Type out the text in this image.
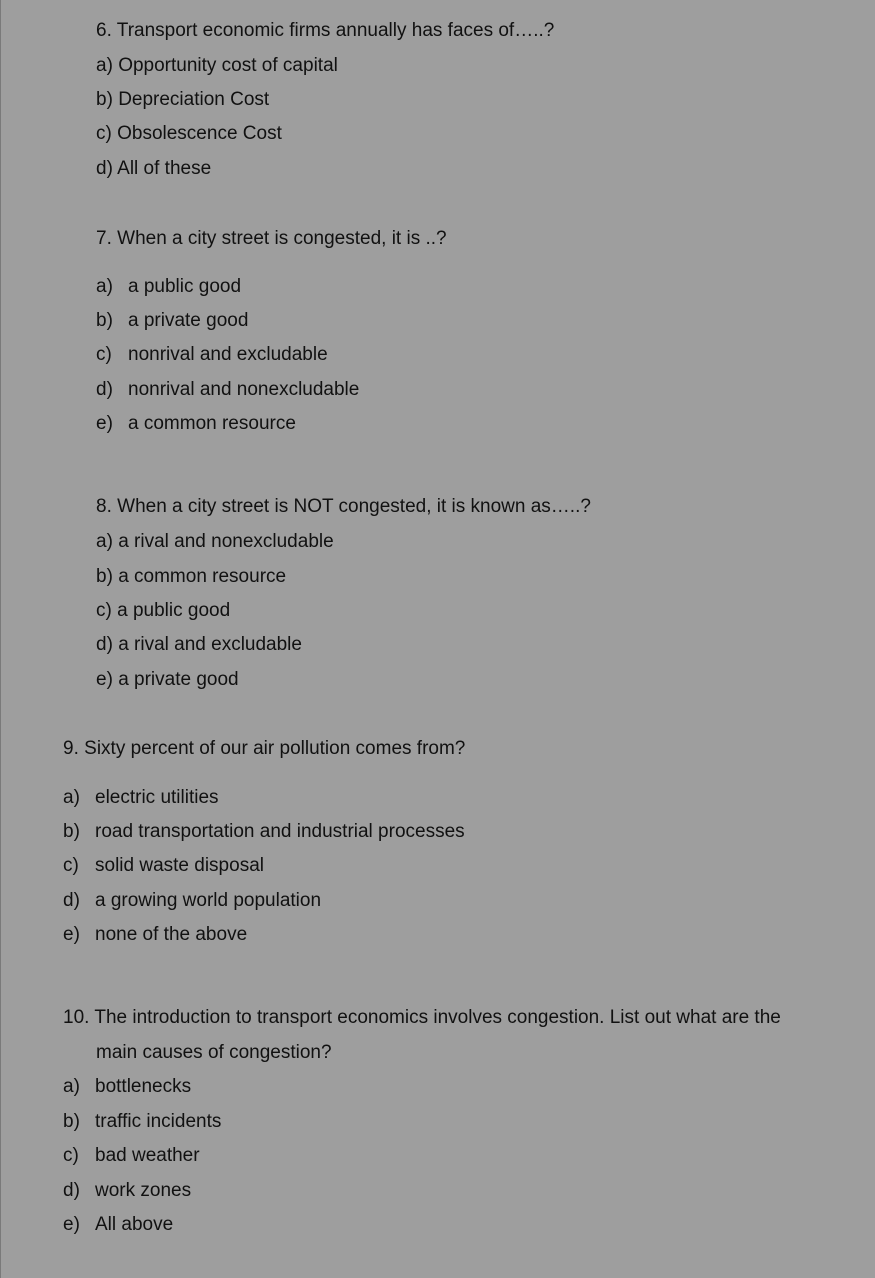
6. Transport economic firms annually has faces of…..?
a) Opportunity cost of capital
b) Depreciation Cost
c) Obsolescence Cost
d) All of these
7. When a city street is congested, it is ..?
a) a public good
b) a private good
c) nonrival and excludable
d) nonrival and nonexcludable
e) a common resource
8. When a city street is NOT congested, it is known as…..?
a) a rival and nonexcludable
b) a common resource
c) a public good
d) a rival and excludable
e) a private good
9. Sixty percent of our air pollution comes from?
a) electric utilities
b) road transportation and industrial processes
c) solid waste disposal
d) a growing world population
e) none of the above
10. The introduction to transport economics involves congestion. List out what are the
main causes of congestion?
a) bottlenecks
b) traffic incidents
c) bad weather
d) work zones
e) All above
